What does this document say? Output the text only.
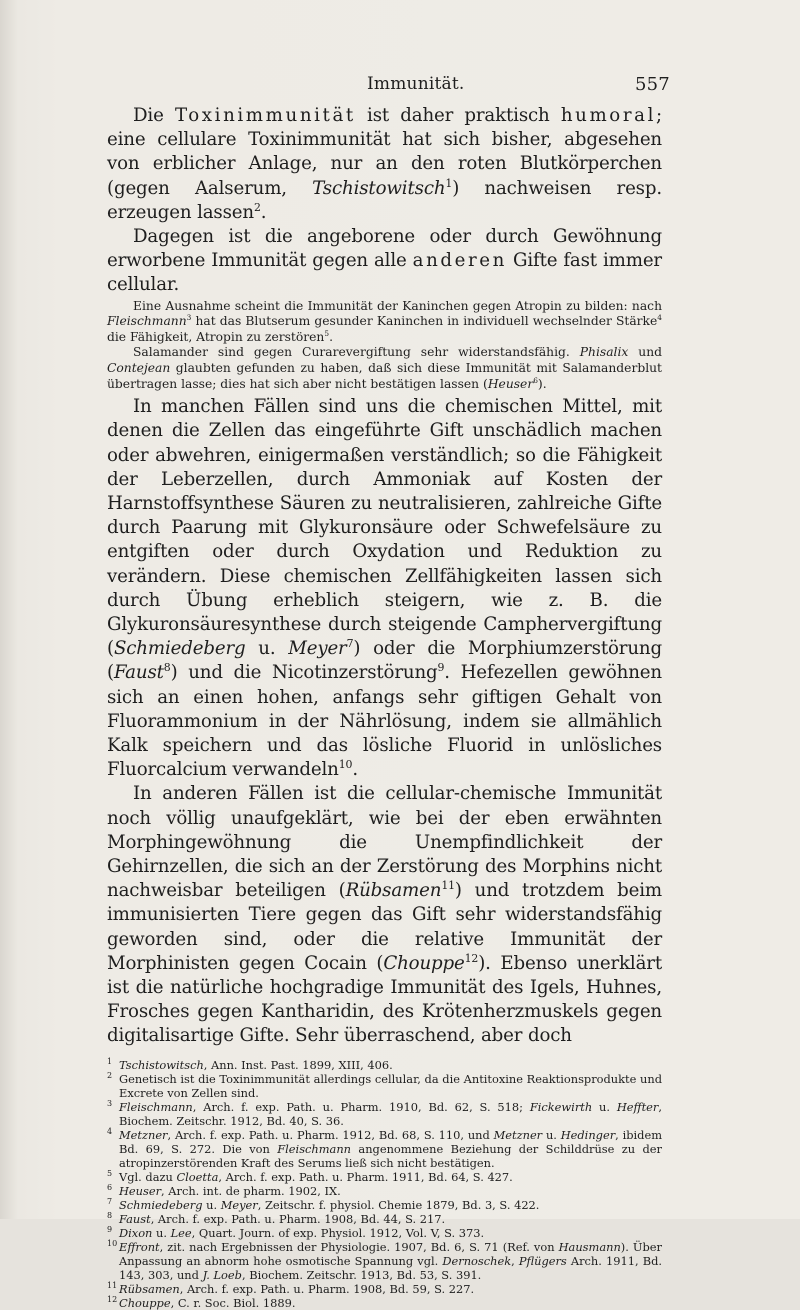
Immunität.	557

Die Toxinimmunität ist daher praktisch humoral; eine cellulare Toxinimmunität hat sich bisher, abgesehen von erblicher Anlage, nur an den roten Blutkörperchen (gegen Aalserum, Tschistowitsch$^1$) nachweisen resp. erzeugen lassen$^2$.

Dagegen ist die angeborene oder durch Gewöhnung erworbene Immunität gegen alle anderen Gifte fast immer cellular.

Eine Ausnahme scheint die Immunität der Kaninchen gegen Atropin zu bilden: nach Fleischmann$^3$ hat das Blutserum gesunder Kaninchen in individuell wechselnder Stärke$^4$ die Fähigkeit, Atropin zu zerstören$^5$.

Salamander sind gegen Curarevergiftung sehr widerstandsfähig. Phisalix und Contejean glaubten gefunden zu haben, daß sich diese Immunität mit Salamanderblut übertragen lasse; dies hat sich aber nicht bestätigen lassen (Heuser$^6$).

In manchen Fällen sind uns die chemischen Mittel, mit denen die Zellen das eingeführte Gift unschädlich machen oder abwehren, einigermaßen verständlich; so die Fähigkeit der Leberzellen, durch Ammoniak auf Kosten der Harnstoffsynthese Säuren zu neutralisieren, zahlreiche Gifte durch Paarung mit Glykuronsäure oder Schwefelsäure zu entgiften oder durch Oxydation und Reduktion zu verändern. Diese chemischen Zellfähigkeiten lassen sich durch Übung erheblich steigern, wie z. B. die Glykuronsäuresynthese durch steigende Camphervergiftung (Schmiedeberg u. Meyer$^7$) oder die Morphiumzerstörung (Faust$^8$) und die Nicotinzerstörung$^9$. Hefezellen gewöhnen sich an einen hohen, anfangs sehr giftigen Gehalt von Fluorammonium in der Nährlösung, indem sie allmählich Kalk speichern und das lösliche Fluorid in unlösliches Fluorcalcium verwandeln$^{10}$.

In anderen Fällen ist die cellular-chemische Immunität noch völlig unaufgeklärt, wie bei der eben erwähnten Morphingewöhnung die Unempfindlichkeit der Gehirnzellen, die sich an der Zerstörung des Morphins nicht nachweisbar beteiligen (Rübsamen$^{11}$) und trotzdem beim immunisierten Tiere gegen das Gift sehr widerstandsfähig geworden sind, oder die relative Immunität der Morphinisten gegen Cocain (Chouppe$^{12}$). Ebenso unerklärt ist die natürliche hochgradige Immunität des Igels, Huhnes, Frosches gegen Kantharidin, des Krötenherzmuskels gegen digitalisartige Gifte. Sehr überraschend, aber doch

1 Tschistowitsch, Ann. Inst. Past. 1899, XIII, 406.

2 Genetisch ist die Toxinimmunität allerdings cellular, da die Antitoxine Reaktionsprodukte und Excrete von Zellen sind.

3 Fleischmann, Arch. f. exp. Path. u. Pharm. 1910, Bd. 62, S. 518; Fickewirth u. Heffter, Biochem. Zeitschr. 1912, Bd. 40, S. 36.

4 Metzner, Arch. f. exp. Path. u. Pharm. 1912, Bd. 68, S. 110, und Metzner u. Hedinger, ibidem Bd. 69, S. 272. Die von Fleischmann angenommene Beziehung der Schilddrüse zu der atropinzerstörenden Kraft des Serums ließ sich nicht bestätigen.

5 Vgl. dazu Cloetta, Arch. f. exp. Path. u. Pharm. 1911, Bd. 64, S. 427.

6 Heuser, Arch. int. de pharm. 1902, IX.

7 Schmiedeberg u. Meyer, Zeitschr. f. physiol. Chemie 1879, Bd. 3, S. 422.

8 Faust, Arch. f. exp. Path. u. Pharm. 1908, Bd. 44, S. 217.

9 Dixon u. Lee, Quart. Journ. of exp. Physiol. 1912, Vol. V, S. 373.

10 Effront, zit. nach Ergebnissen der Physiologie. 1907, Bd. 6, S. 71 (Ref. von Hausmann). Über Anpassung an abnorm hohe osmotische Spannung vgl. Dernoschek, Pflügers Arch. 1911, Bd. 143, 303, und J. Loeb, Biochem. Zeitschr. 1913, Bd. 53, S. 391.

11 Rübsamen, Arch. f. exp. Path. u. Pharm. 1908, Bd. 59, S. 227.

12 Chouppe, C. r. Soc. Biol. 1889.
